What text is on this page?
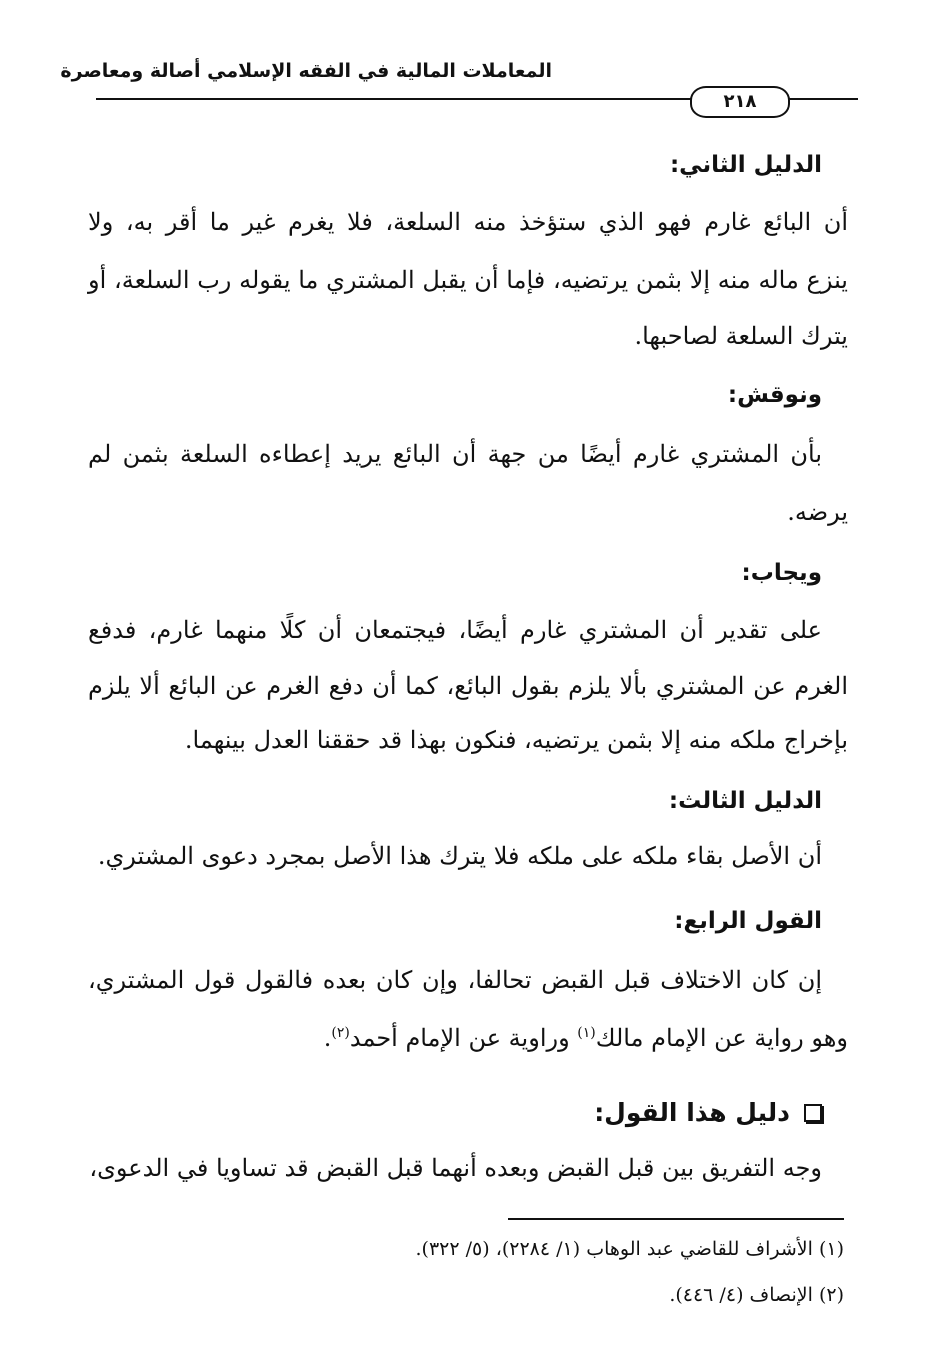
المعاملات المالية في الفقه الإسلامي أصالة ومعاصرة
٢١٨
الدليل الثاني:
أن البائع غارم فهو الذي ستؤخذ منه السلعة، فلا يغرم غير ما أقر به، ولا
ينزع ماله منه إلا بثمن يرتضيه، فإما أن يقبل المشتري ما يقوله رب السلعة، أو
يترك السلعة لصاحبها.
ونوقش:
بأن المشتري غارم أيضًا من جهة أن البائع يريد إعطاءه السلعة بثمن لم
يرضه.
ويجاب:
على تقدير أن المشتري غارم أيضًا، فيجتمعان أن كلًا منهما غارم، فدفع
الغرم عن المشتري بألا يلزم بقول البائع، كما أن دفع الغرم عن البائع ألا يلزم
بإخراج ملكه منه إلا بثمن يرتضيه، فنكون بهذا قد حققنا العدل بينهما.
الدليل الثالث:
أن الأصل بقاء ملكه على ملكه فلا يترك هذا الأصل بمجرد دعوى المشتري.
القول الرابع:
إن كان الاختلاف قبل القبض تحالفا، وإن كان بعده فالقول قول المشتري،
وهو رواية عن الإمام مالك$^{(١)}$ وراوية عن الإمام أحمد$^{(٢)}$.
دليل هذا القول:
وجه التفريق بين قبل القبض وبعده أنهما قبل القبض قد تساويا في الدعوى،
(١) الأشراف للقاضي عبد الوهاب (١/ ٢٢٨٤)، (٥/ ٣٢٢).
(٢) الإنصاف (٤/ ٤٤٦).
